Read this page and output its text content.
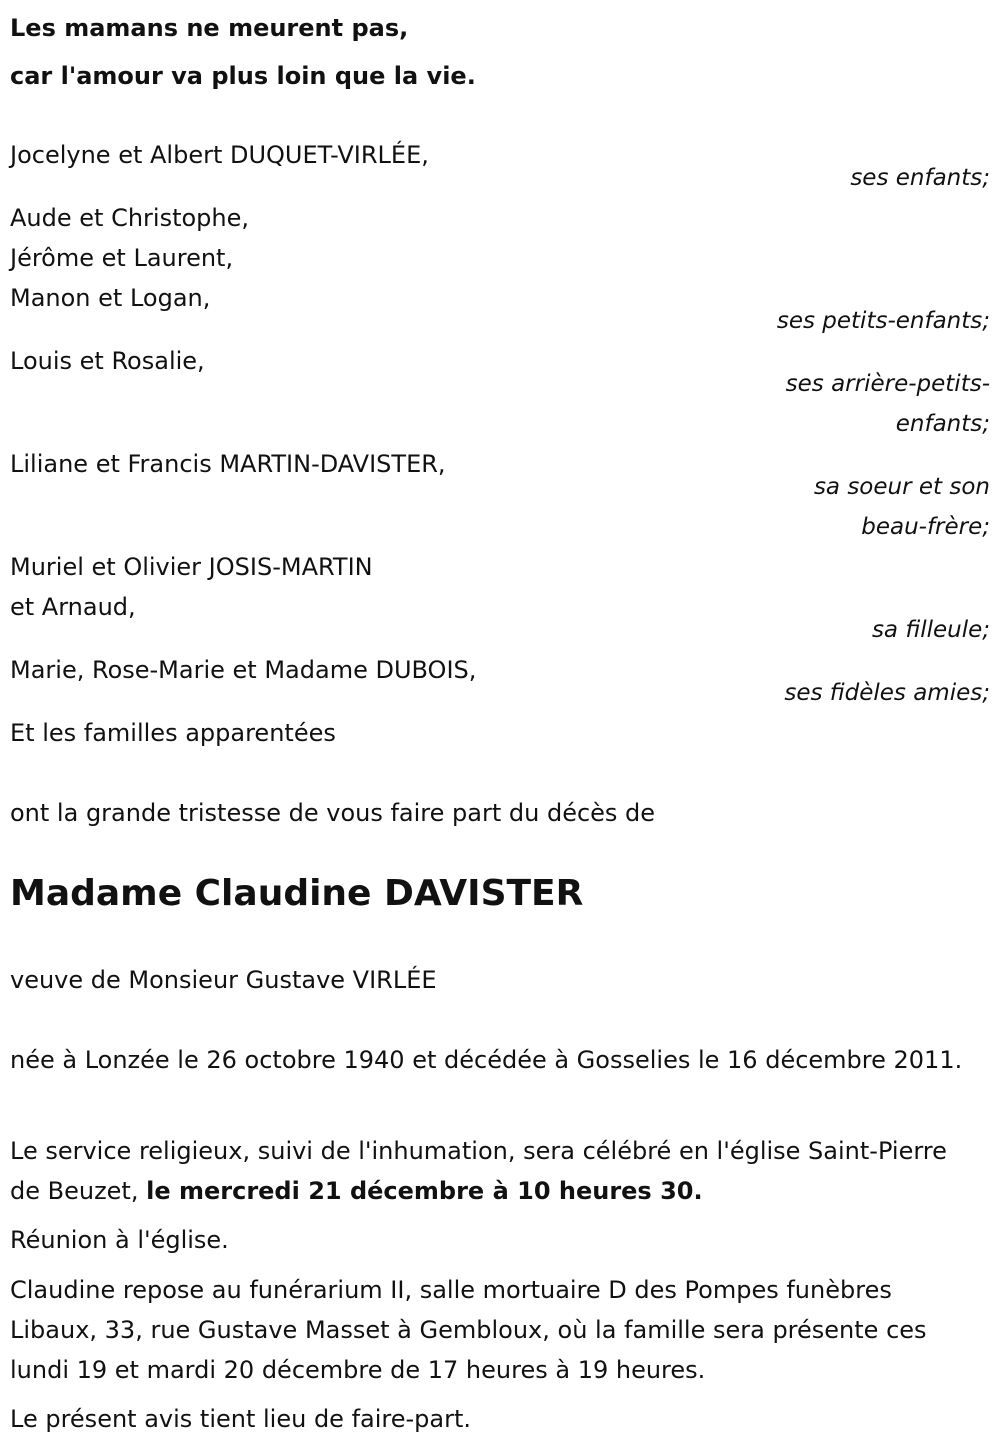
Les mamans ne meurent pas,
car l'amour va plus loin que la vie.
Jocelyne et Albert DUQUET-VIRLÉE,
ses enfants;
Aude et Christophe,
Jérôme et Laurent,
Manon et Logan,
ses petits-enfants;
Louis et Rosalie,
ses arrière-petits-
enfants;
Liliane et Francis MARTIN-DAVISTER,
sa soeur et son
beau-frère;
Muriel et Olivier JOSIS-MARTIN
et Arnaud,
sa filleule;
Marie, Rose-Marie et Madame DUBOIS,
ses fidèles amies;
Et les familles apparentées
ont la grande tristesse de vous faire part du décès de
Madame Claudine DAVISTER
veuve de Monsieur Gustave VIRLÉE
née à Lonzée le 26 octobre 1940 et décédée à Gosselies le 16 décembre 2011.
Le service religieux, suivi de l'inhumation, sera célébré en l'église Saint-Pierre de Beuzet, le mercredi 21 décembre à 10 heures 30.
Réunion à l'église.
Claudine repose au funérarium II, salle mortuaire D des Pompes funèbres Libaux, 33, rue Gustave Masset à Gembloux, où la famille sera présente ces lundi 19 et mardi 20 décembre de 17 heures à 19 heures.
Le présent avis tient lieu de faire-part.
